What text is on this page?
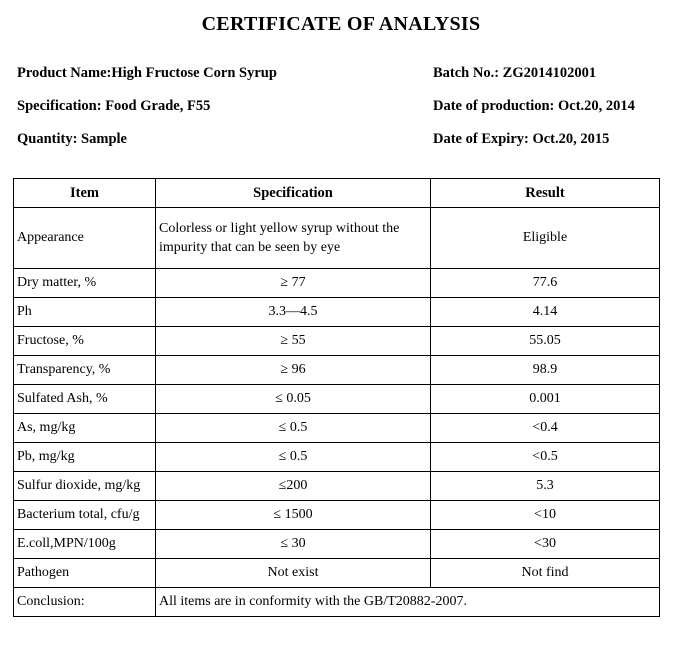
CERTIFICATE OF ANALYSIS
Product Name:High Fructose Corn Syrup
Specification: Food Grade, F55
Quantity: Sample
Batch No.: ZG2014102001
Date of production: Oct.20, 2014
Date of Expiry: Oct.20, 2015
Item	Specification	Result
Appearance	Colorless or light yellow syrup without the impurity that can be seen by eye	Eligible
Dry matter, %	≥ 77	77.6
Ph	3.3—4.5	4.14
Fructose, %	≥ 55	55.05
Transparency, %	≥ 96	98.9
Sulfated Ash, %	≤ 0.05	0.001
As, mg/kg	≤ 0.5	<0.4
Pb, mg/kg	≤ 0.5	<0.5
Sulfur dioxide, mg/kg	≤200	5.3
Bacterium total, cfu/g	≤ 1500	<10
E.coll,MPN/100g	≤ 30	<30
Pathogen	Not exist	Not find
Conclusion:	All items are in conformity with the GB/T20882-2007.	
